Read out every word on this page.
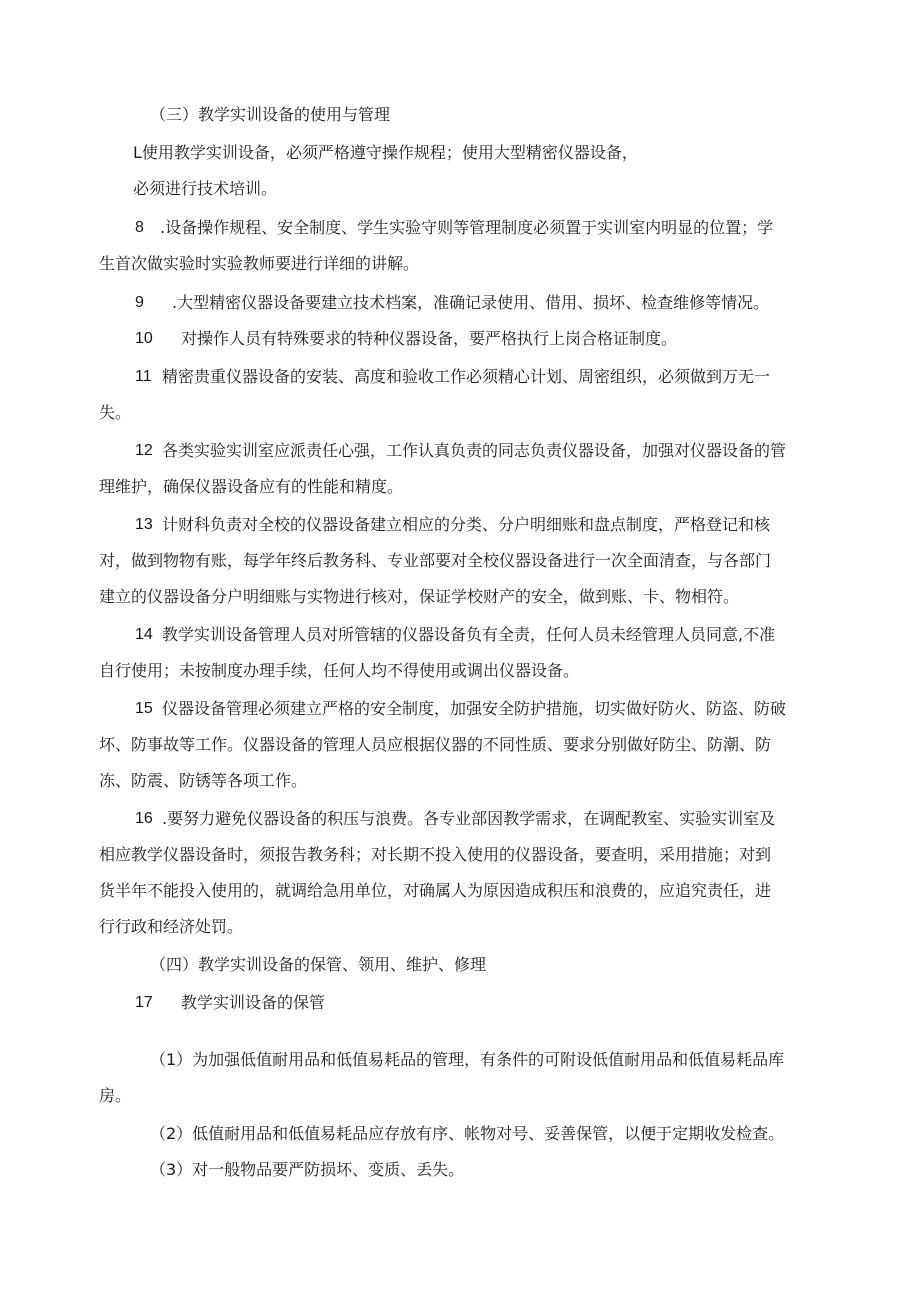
（三）教学实训设备的使用与管理
L使用教学实训设备，必须严格遵守操作规程；使用大型精密仪器设备，
必须进行技术培训。
8 .设备操作规程、安全制度、学生实验守则等管理制度必须置于实训室内明显的位置；学
生首次做实验时实验教师要进行详细的讲解。
9 .大型精密仪器设备要建立技术档案，准确记录使用、借用、损坏、检查维修等情况。
10 对操作人员有特殊要求的特种仪器设备，要严格执行上岗合格证制度。
11 精密贵重仪器设备的安装、高度和验收工作必须精心计划、周密组织，必须做到万无一
失。
12 各类实验实训室应派责任心强，工作认真负责的同志负责仪器设备，加强对仪器设备的管
理维护，确保仪器设备应有的性能和精度。
13 计财科负责对全校的仪器设备建立相应的分类、分户明细账和盘点制度，严格登记和核
对，做到物物有账，每学年终后教务科、专业部要对全校仪器设备进行一次全面清查，与各部门
建立的仪器设备分户明细账与实物进行核对，保证学校财产的安全，做到账、卡、物相符。
14 教学实训设备管理人员对所管辖的仪器设备负有全责，任何人员未经管理人员同意,不准
自行使用；未按制度办理手续，任何人均不得使用或调出仪器设备。
15 仪器设备管理必须建立严格的安全制度，加强安全防护措施，切实做好防火、防盗、防破
坏、防事故等工作。仪器设备的管理人员应根据仪器的不同性质、要求分别做好防尘、防潮、防
冻、防震、防锈等各项工作。
16 .要努力避免仪器设备的积压与浪费。各专业部因教学需求，在调配教室、实验实训室及
相应教学仪器设备时，须报告教务科；对长期不投入使用的仪器设备，要查明，采用措施；对到
货半年不能投入使用的，就调给急用单位，对确属人为原因造成积压和浪费的，应追究责任，进
行行政和经济处罚。
（四）教学实训设备的保管、领用、维护、修理
17 教学实训设备的保管
（1）为加强低值耐用品和低值易耗品的管理，有条件的可附设低值耐用品和低值易耗品库
房。
（2）低值耐用品和低值易耗品应存放有序、帐物对号、妥善保管，以便于定期收发检查。
（3）对一般物品要严防损坏、变质、丢失。
